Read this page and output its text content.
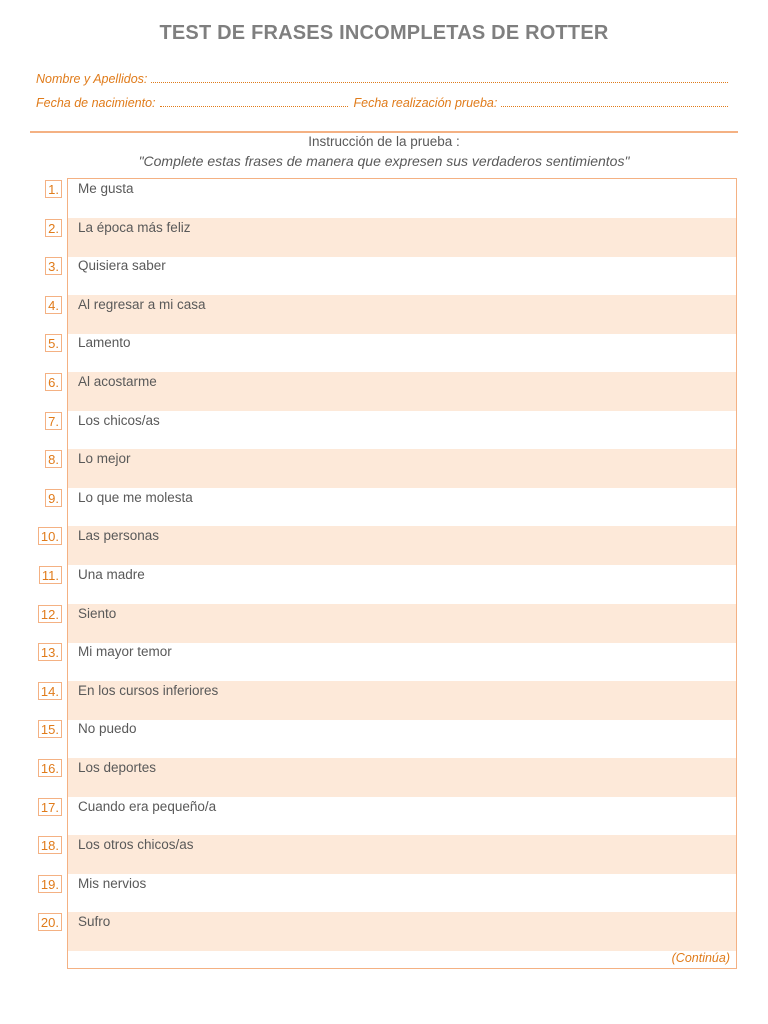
TEST DE FRASES INCOMPLETAS DE ROTTER
Nombre y Apellidos:
Fecha de nacimiento:	Fecha realización prueba:
Instrucción de la prueba :
"Complete estas frases de manera que expresen sus verdaderos sentimientos"
1.
2.
3.
4.
5.
6.
7.
8.
9.
10.
11.
12.
13.
14.
15.
16.
17.
18.
19.
20.
Me gusta
La época más feliz
Quisiera saber
Al regresar a mi casa
Lamento
Al acostarme
Los chicos/as
Lo mejor
Lo que me molesta
Las personas
Una madre
Siento
Mi mayor temor
En los cursos inferiores
No puedo
Los deportes
Cuando era pequeño/a
Los otros chicos/as
Mis nervios
Sufro
(Continúa)
